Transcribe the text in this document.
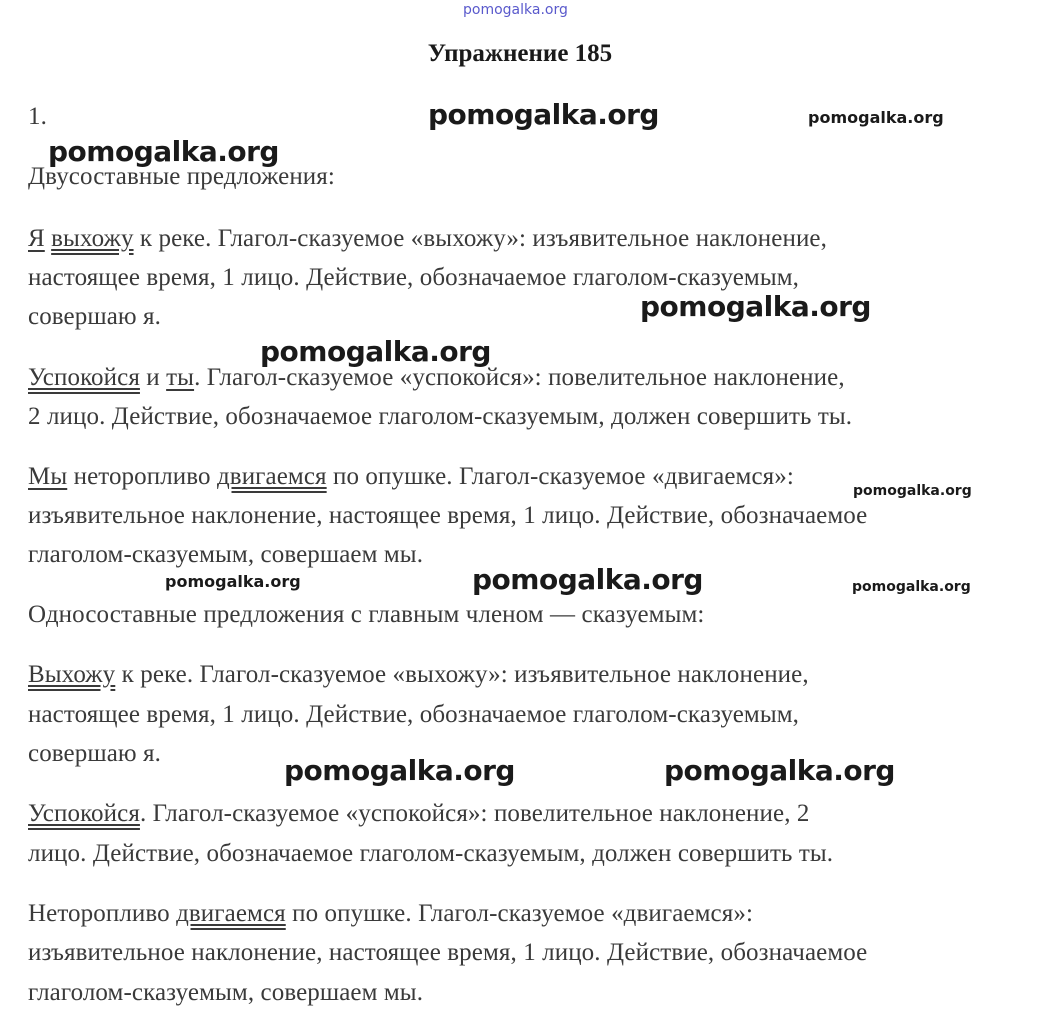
pomogalka.org
Упражнение 185
1.
Двусоставные предложения:
Я выхожу к реке. Глагол-сказуемое «выхожу»: изъявительное наклонение,
настоящее время, 1 лицо. Действие, обозначаемое глаголом-сказуемым,
совершаю я.
Успокойся и ты. Глагол-сказуемое «успокойся»: повелительное наклонение,
2 лицо. Действие, обозначаемое глаголом-сказуемым, должен совершить ты.
Мы неторопливо двигаемся по опушке. Глагол-сказуемое «двигаемся»:
изъявительное наклонение, настоящее время, 1 лицо. Действие, обозначаемое
глаголом-сказуемым, совершаем мы.
Односоставные предложения с главным членом — сказуемым:
Выхожу к реке. Глагол-сказуемое «выхожу»: изъявительное наклонение,
настоящее время, 1 лицо. Действие, обозначаемое глаголом-сказуемым,
совершаю я.
Успокойся. Глагол-сказуемое «успокойся»: повелительное наклонение, 2
лицо. Действие, обозначаемое глаголом-сказуемым, должен совершить ты.
Неторопливо двигаемся по опушке. Глагол-сказуемое «двигаемся»:
изъявительное наклонение, настоящее время, 1 лицо. Действие, обозначаемое
глаголом-сказуемым, совершаем мы.
pomogalka.org	pomogalka.org
pomogalka.org
pomogalka.org
pomogalka.org
pomogalka.org
pomogalka.org
pomogalka.org	pomogalka.org
pomogalka.org	pomogalka.org
